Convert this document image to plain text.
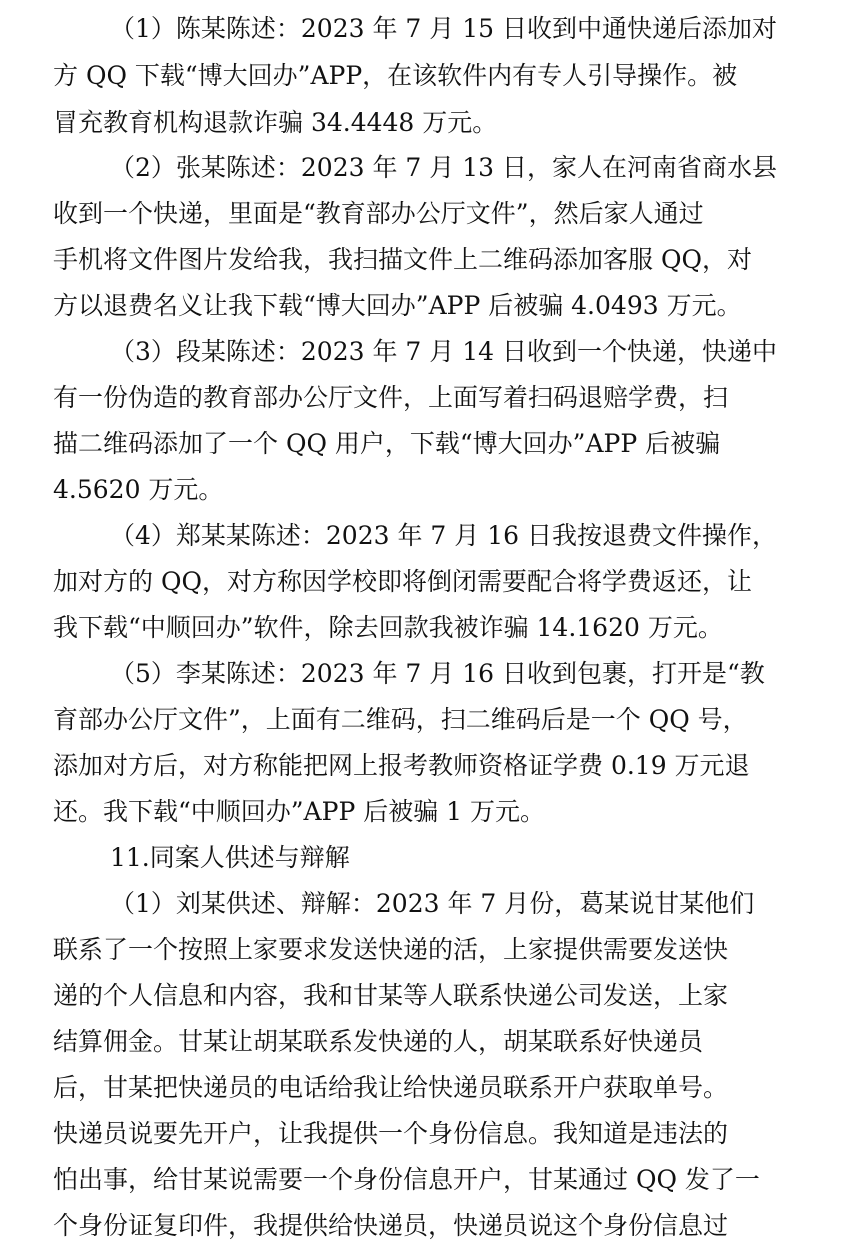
（1）陈某陈述：2023 年 7 月 15 日收到中通快递后添加对
方 QQ 下载“博大回办”APP，在该软件内有专人引导操作。被
冒充教育机构退款诈骗 34.4448 万元。
（2）张某陈述：2023 年 7 月 13 日，家人在河南省商水县
收到一个快递，里面是“教育部办公厅文件”，然后家人通过
手机将文件图片发给我，我扫描文件上二维码添加客服 QQ，对
方以退费名义让我下载“博大回办”APP 后被骗 4.0493 万元。
（3）段某陈述：2023 年 7 月 14 日收到一个快递，快递中
有一份伪造的教育部办公厅文件，上面写着扫码退赔学费，扫
描二维码添加了一个 QQ 用户，下载“博大回办”APP 后被骗
4.5620 万元。
（4）郑某某陈述：2023 年 7 月 16 日我按退费文件操作，
加对方的 QQ，对方称因学校即将倒闭需要配合将学费返还，让
我下载“中顺回办”软件，除去回款我被诈骗 14.1620 万元。
（5）李某陈述：2023 年 7 月 16 日收到包裹，打开是“教
育部办公厅文件”，上面有二维码，扫二维码后是一个 QQ 号，
添加对方后，对方称能把网上报考教师资格证学费 0.19 万元退
还。我下载“中顺回办”APP 后被骗 1 万元。
11.同案人供述与辩解
（1）刘某供述、辩解：2023 年 7 月份，葛某说甘某他们
联系了一个按照上家要求发送快递的活，上家提供需要发送快
递的个人信息和内容，我和甘某等人联系快递公司发送，上家
结算佣金。甘某让胡某联系发快递的人，胡某联系好快递员
后，甘某把快递员的电话给我让给快递员联系开户获取单号。
快递员说要先开户，让我提供一个身份信息。我知道是违法的
怕出事，给甘某说需要一个身份信息开户，甘某通过 QQ 发了一
个身份证复印件，我提供给快递员，快递员说这个身份信息过
